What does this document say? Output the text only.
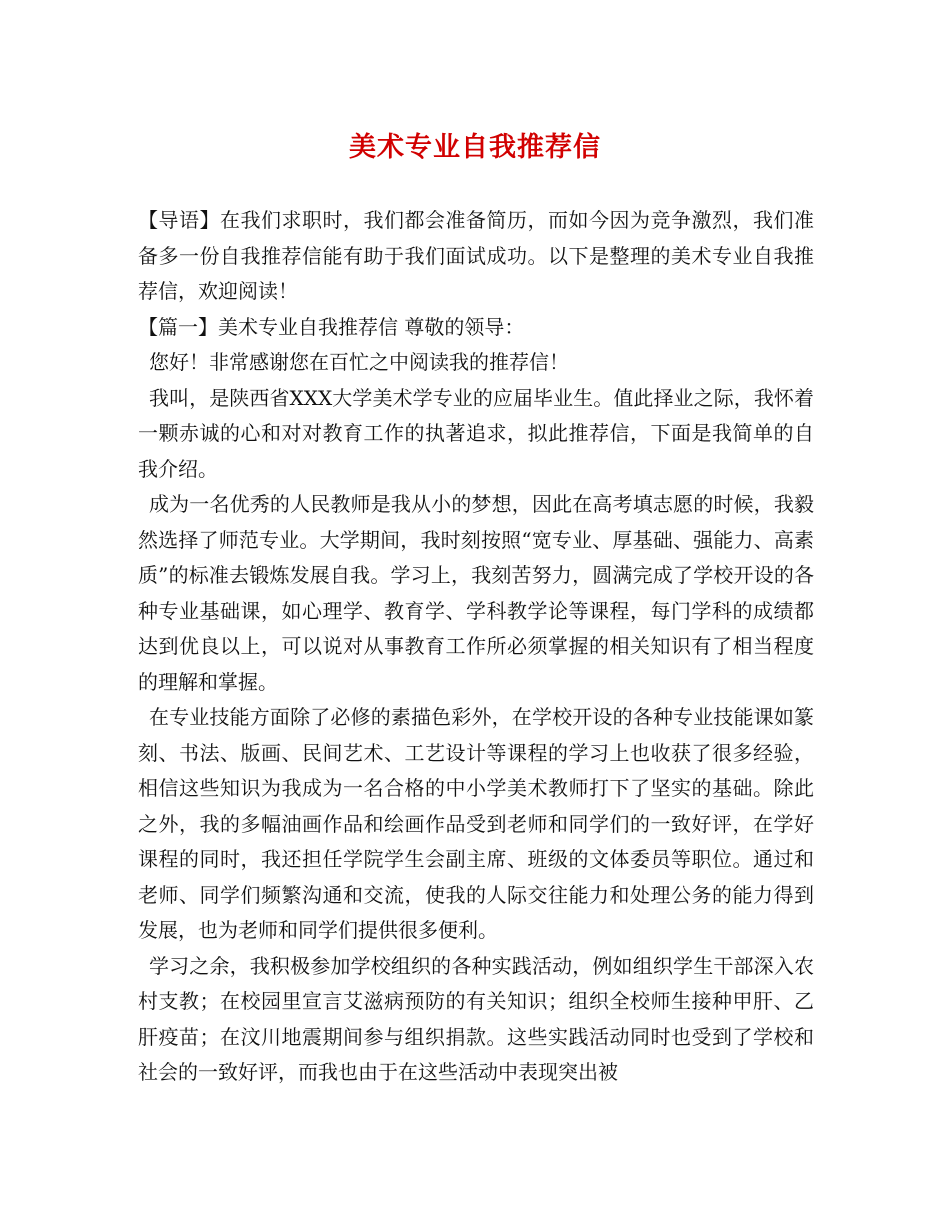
美术专业自我推荐信

【导语】在我们求职时，我们都会准备简历，而如今因为竞争激烈，我们准备多一份自我推荐信能有助于我们面试成功。以下是整理的美术专业自我推荐信，欢迎阅读！

【篇一】美术专业自我推荐信 尊敬的领导：

您好！非常感谢您在百忙之中阅读我的推荐信！

我叫，是陕西省XXX大学美术学专业的应届毕业生。值此择业之际，我怀着一颗赤诚的心和对对教育工作的执著追求，拟此推荐信，下面是我简单的自我介绍。

成为一名优秀的人民教师是我从小的梦想，因此在高考填志愿的时候，我毅然选择了师范专业。大学期间，我时刻按照“宽专业、厚基础、强能力、高素质”的标准去锻炼发展自我。学习上，我刻苦努力，圆满完成了学校开设的各种专业基础课，如心理学、教育学、学科教学论等课程，每门学科的成绩都达到优良以上，可以说对从事教育工作所必须掌握的相关知识有了相当程度的理解和掌握。

在专业技能方面除了必修的素描色彩外，在学校开设的各种专业技能课如篆刻、书法、版画、民间艺术、工艺设计等课程的学习上也收获了很多经验，相信这些知识为我成为一名合格的中小学美术教师打下了坚实的基础。除此之外，我的多幅油画作品和绘画作品受到老师和同学们的一致好评，在学好课程的同时，我还担任学院学生会副主席、班级的文体委员等职位。通过和老师、同学们频繁沟通和交流，使我的人际交往能力和处理公务的能力得到发展，也为老师和同学们提供很多便利。

学习之余，我积极参加学校组织的各种实践活动，例如组织学生干部深入农村支教；在校园里宣言艾滋病预防的有关知识；组织全校师生接种甲肝、乙肝疫苗；在汶川地震期间参与组织捐款。这些实践活动同时也受到了学校和社会的一致好评，而我也由于在这些活动中表现突出被
